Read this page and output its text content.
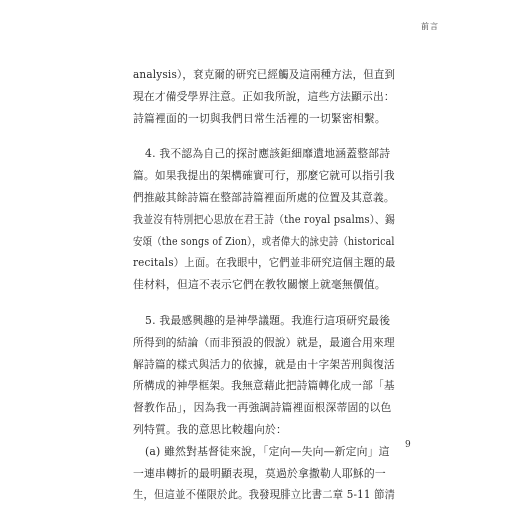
前言
analysis），袞克爾的研究已經觸及這兩種方法，但直到
現在才備受學界注意。正如我所說，這些方法顯示出：
詩篇裡面的一切與我們日常生活裡的一切緊密相繫。
4. 我不認為自己的探討應該鉅細靡遺地涵蓋整部詩
篇。如果我提出的架構確實可行，那麼它就可以指引我
們推敲其餘詩篇在整部詩篇裡面所處的位置及其意義。
我並沒有特別把心思放在君王詩（the royal psalms）、錫
安頌（the songs of Zion），或者偉大的詠史詩（historical
recitals）上面。在我眼中，它們並非研究這個主題的最
佳材料，但這不表示它們在教牧關懷上就毫無價值。
5. 我最感興趣的是神學議題。我進行這項研究最後
所得到的結論（而非預設的假說）就是，最適合用來理
解詩篇的樣式與活力的依據，就是由十字架苦刑與復活
所構成的神學框架。我無意藉此把詩篇轉化成一部「基
督教作品」，因為我一再強調詩篇裡面根深蒂固的以色
列特質。我的意思比較趨向於：
(a) 雖然對基督徒來說，「定向—失向—新定向」這
一連串轉折的最明顯表現，莫過於拿撒勒人耶穌的一
生，但這並不僅限於此。我發現腓立比書二章 5-11 節清
9
